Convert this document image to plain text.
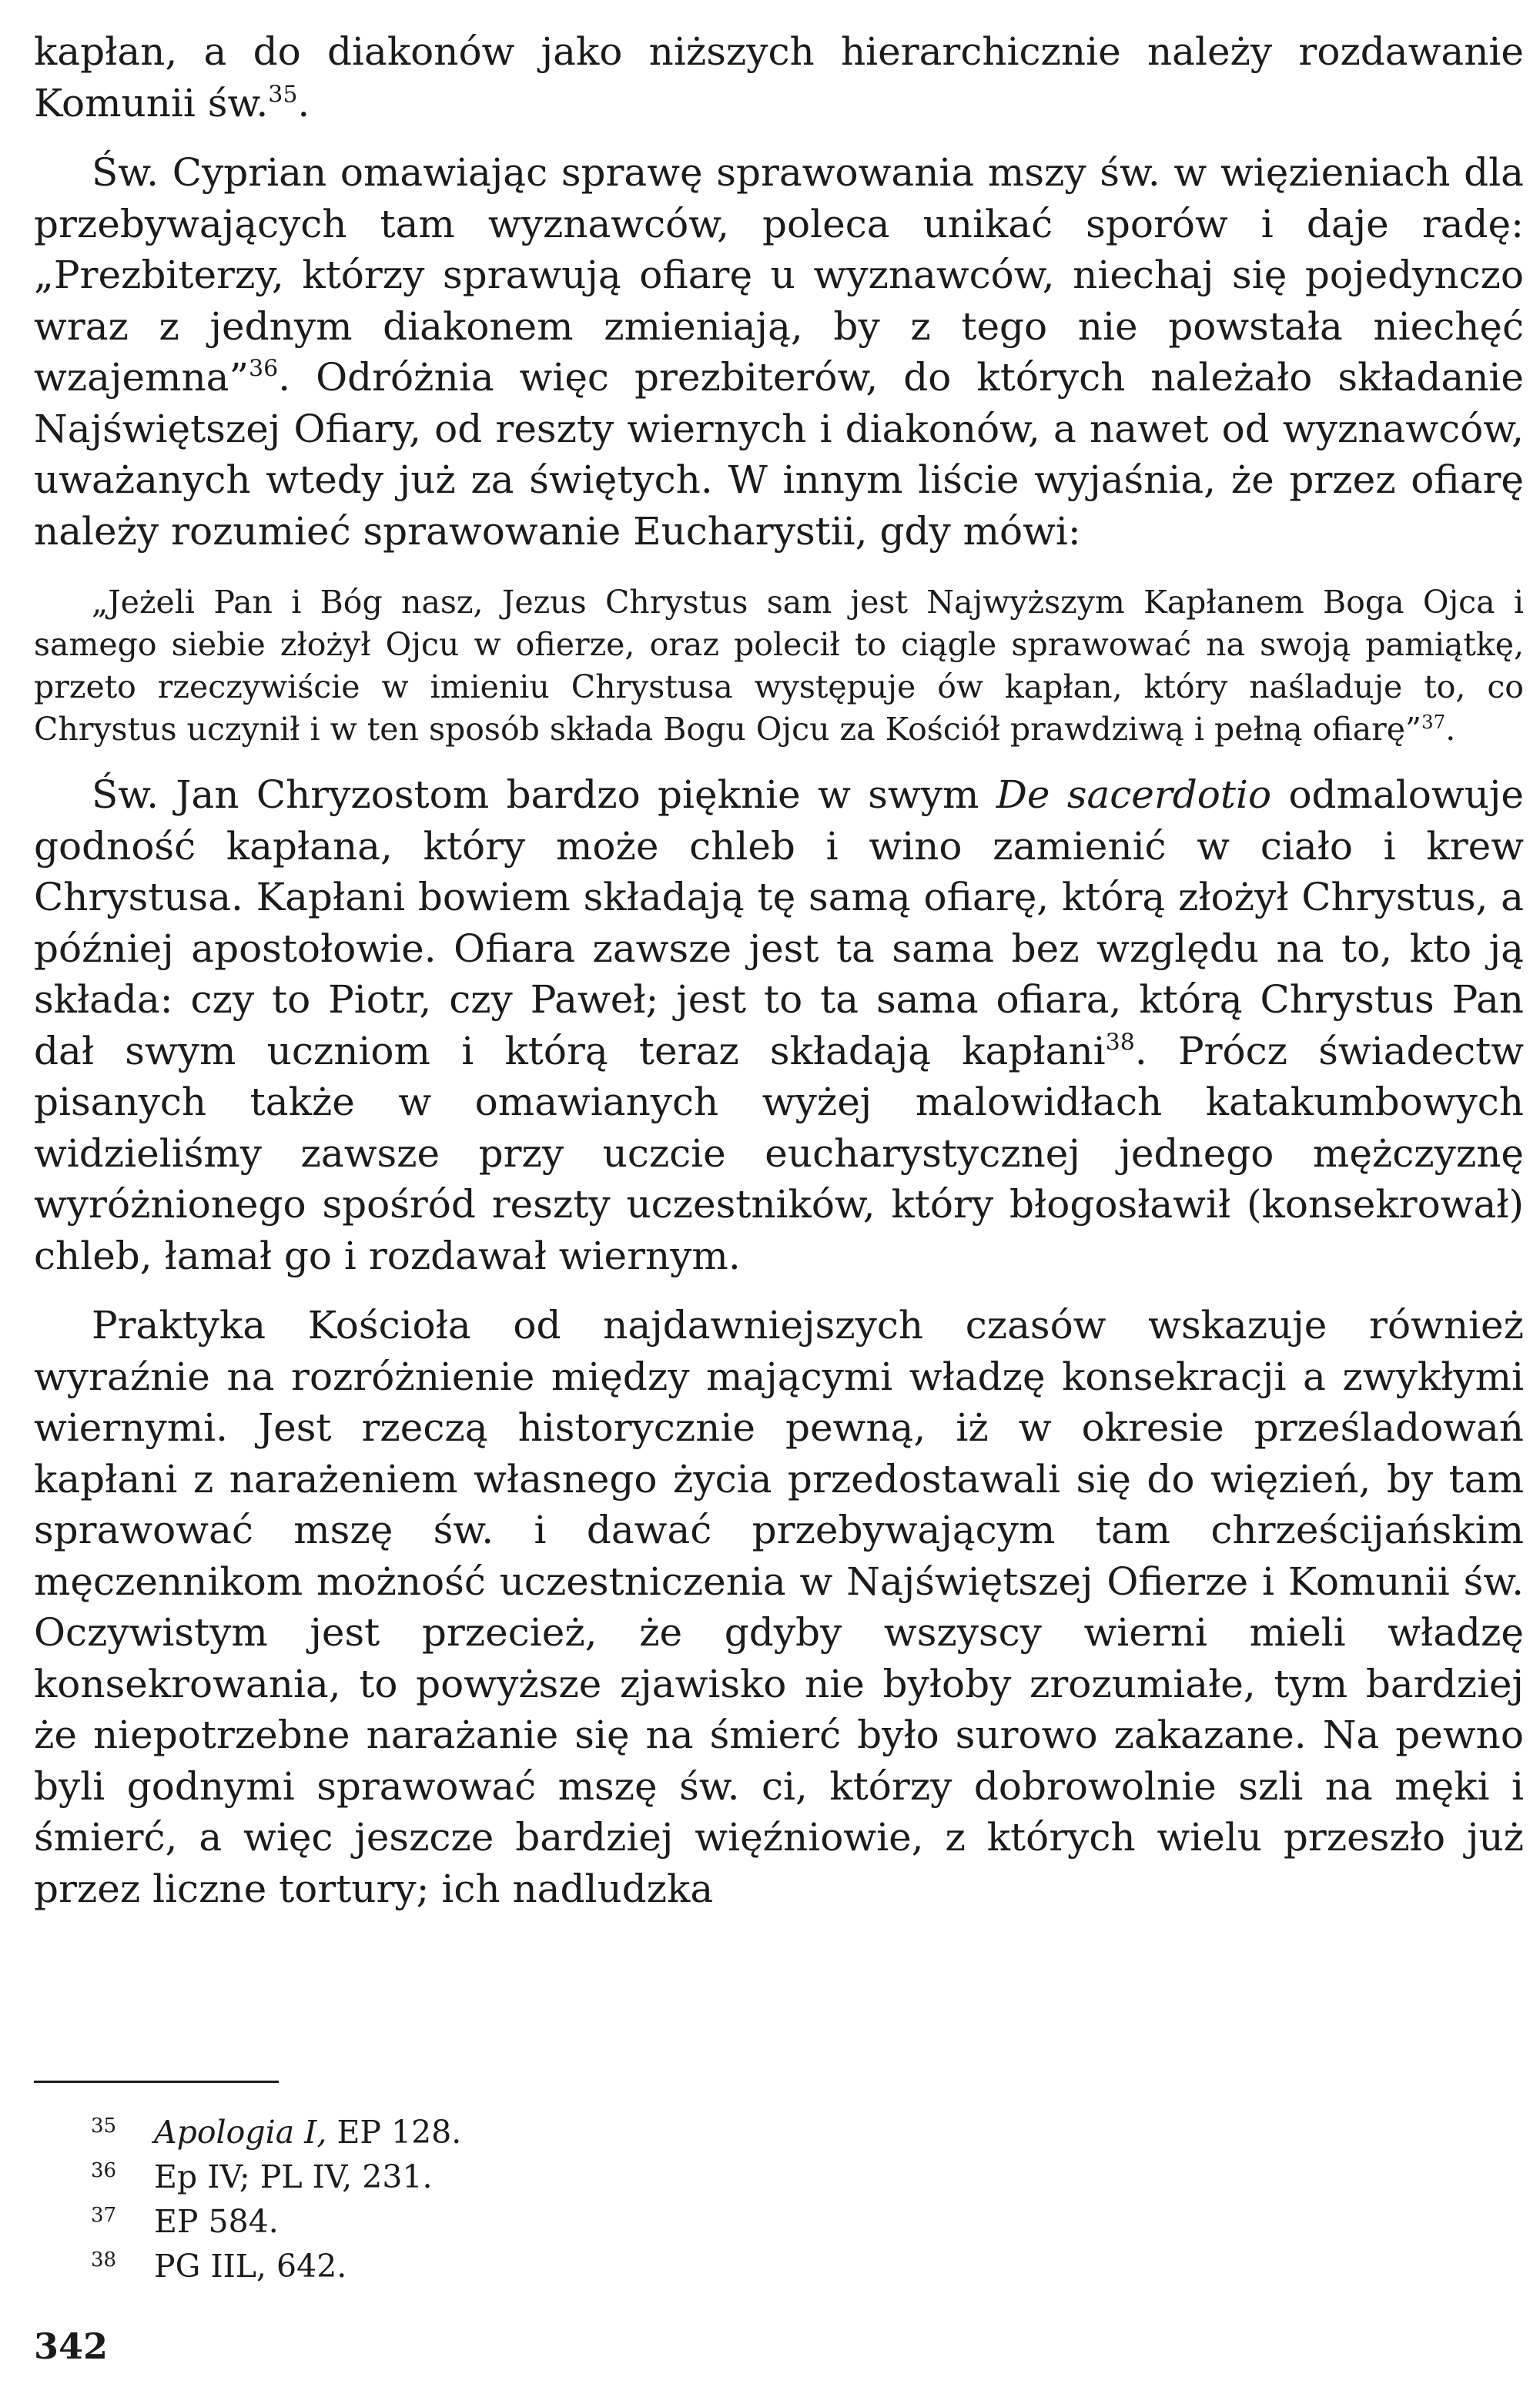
kapłan, a do diakonów jako niższych hierarchicznie należy rozdawanie Komunii św.$^{35}$.

Św. Cyprian omawiając sprawę sprawowania mszy św. w więzieniach dla przebywających tam wyznawców, poleca unikać sporów i daje radę: „Prezbiterzy, którzy sprawują ofiarę u wyznawców, niechaj się pojedynczo wraz z jednym diakonem zmieniają, by z tego nie powstała niechęć wzajemna”$^{36}$. Odróżnia więc prezbiterów, do których należało składanie Najświętszej Ofiary, od reszty wiernych i diakonów, a nawet od wyznawców, uważanych wtedy już za świętych. W innym liście wyjaśnia, że przez ofiarę należy rozumieć sprawowanie Eucharystii, gdy mówi:

„Jeżeli Pan i Bóg nasz, Jezus Chrystus sam jest Najwyższym Kapłanem Boga Ojca i samego siebie złożył Ojcu w ofierze, oraz polecił to ciągle sprawować na swoją pamiątkę, przeto rzeczywiście w imieniu Chrystusa występuje ów kapłan, który naśladuje to, co Chrystus uczynił i w ten sposób składa Bogu Ojcu za Kościół prawdziwą i pełną ofiarę”$^{37}$.

Św. Jan Chryzostom bardzo pięknie w swym De sacerdotio odmalowuje godność kapłana, który może chleb i wino zamienić w ciało i krew Chrystusa. Kapłani bowiem składają tę samą ofiarę, którą złożył Chrystus, a później apostołowie. Ofiara zawsze jest ta sama bez względu na to, kto ją składa: czy to Piotr, czy Paweł; jest to ta sama ofiara, którą Chrystus Pan dał swym uczniom i którą teraz składają kapłani$^{38}$. Prócz świadectw pisanych także w omawianych wyżej malowidłach katakumbowych widzieliśmy zawsze przy uczcie eucharystycznej jednego mężczyznę wyróżnionego spośród reszty uczestników, który błogosławił (konsekrował) chleb, łamał go i rozdawał wiernym.

Praktyka Kościoła od najdawniejszych czasów wskazuje również wyraźnie na rozróżnienie między mającymi władzę konsekracji a zwykłymi wiernymi. Jest rzeczą historycznie pewną, iż w okresie prześladowań kapłani z narażeniem własnego życia przedostawali się do więzień, by tam sprawować mszę św. i dawać przebywającym tam chrześcijańskim męczennikom możność uczestniczenia w Najświętszej Ofierze i Komunii św. Oczywistym jest przecież, że gdyby wszyscy wierni mieli władzę konsekrowania, to powyższe zjawisko nie byłoby zrozumiałe, tym bardziej że niepotrzebne narażanie się na śmierć było surowo zakazane. Na pewno byli godnymi sprawować mszę św. ci, którzy dobrowolnie szli na męki i śmierć, a więc jeszcze bardziej więźniowie, z których wielu przeszło już przez liczne tortury; ich nadludzka

35 Apologia I, EP 128.
36 Ep IV; PL IV, 231.
37 EP 584.
38 PG IIL, 642.
342
